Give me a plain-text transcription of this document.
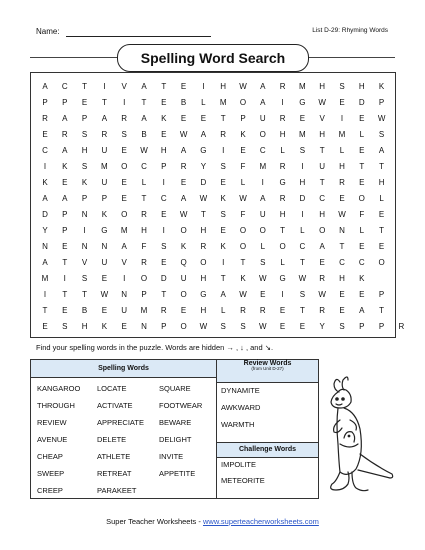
Name:	List D-29: Rhyming Words
Spelling Word Search
A	C	T	I	V	A	T	E	I	H	W	A	R	M	H	S	H	K
P	P	E	T	I	T	E	B	L	M	O	A	I	G	W	E	D	P
R	A	P	A	R	A	K	E	E	T	P	U	R	E	V	I	E	W
E	R	S	R	S	B	E	W	A	R	K	O	H	M	H	M	L	S
C	A	H	U	E	W	H	A	G	I	E	C	L	S	T	L	E	A
I	K	S	M	O	C	P	R	Y	S	F	M	R	I	U	H	T	T
K	E	K	U	E	L	I	E	D	E	L	I	G	H	T	R	E	H
A	A	P	P	E	T	C	A	W	K	W	A	R	D	C	E	O	L
D	P	N	K	O	R	E	W	T	S	F	U	H	I	H	W	F	E
Y	P	I	G	M	H	I	O	H	E	O	O	T	L	O	N	L	T
N	E	N	N	A	F	S	K	R	K	O	L	O	C	A	T	E	E
A	T	V	U	V	R	E	Q	O	I	T	S	L	T	E	C	C	O
M	I	S	E	I	O	D	U	H	T	K	W	G	W	R	H	K
I	T	T	W	N	P	T	O	G	A	W	E	I	S	W	E	E	P
T	E	B	E	U	M	R	E	H	L	R	R	E	T	R	E	A	T
E	S	H	K	E	N	P	O	W	S	S	W	E	E	Y	S	P	P	R
Find your spelling words in the puzzle. Words are hidden → , ↓ , and ↘.
Spelling Words
Review Words
(from Unit D-27)
Challenge Words
KANGAROO
THROUGH
REVIEW
AVENUE
CHEAP
SWEEP
CREEP
LOCATE
ACTIVATE
APPRECIATE
DELETE
ATHLETE
RETREAT
PARAKEET
SQUARE
FOOTWEAR
BEWARE
DELIGHT
INVITE
APPETITE
DYNAMITE
AWKWARD
WARMTH
IMPOLITE
METEORITE
Super Teacher Worksheets - www.superteacherworksheets.com
